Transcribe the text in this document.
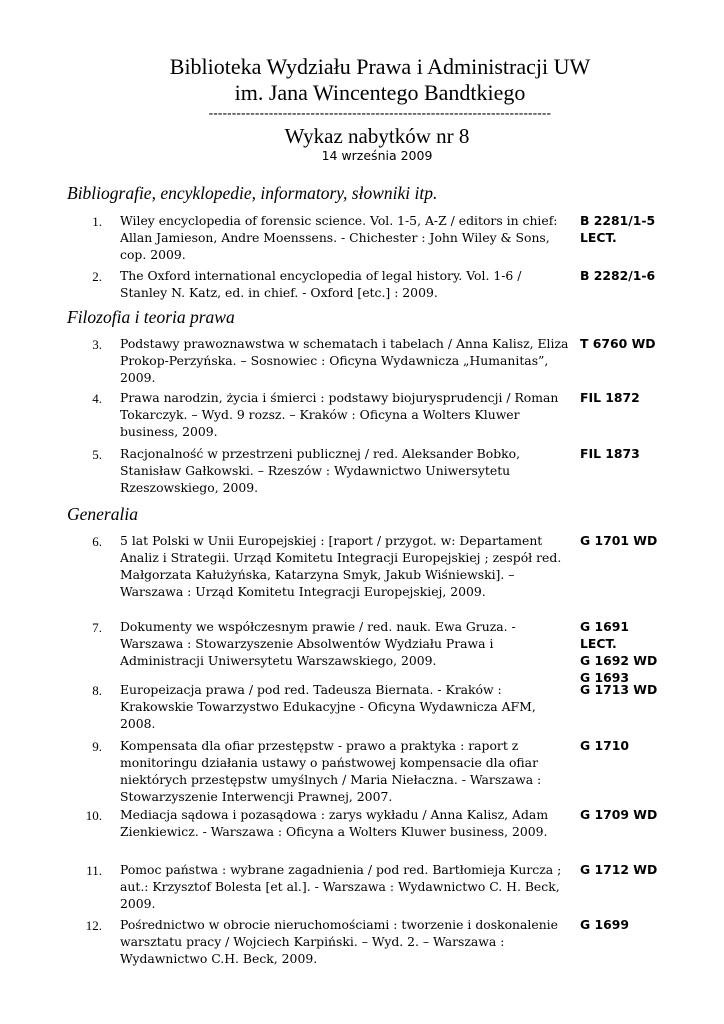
Biblioteka Wydziału Prawa i Administracji UW
im. Jana Wincentego Bandtkiego
--------------------------------------------------------------------------
Wykaz nabytków nr 8
14 września 2009
Bibliografie, encyklopedie, informatory, słowniki itp.
Filozofia i teoria prawa
Generalia
1. Wiley encyclopedia of forensic science. Vol. 1-5, A-Z / editors in chief: Allan Jamieson, Andre Moenssens. - Chichester : John Wiley & Sons, cop. 2009.
B 2281/1-5
LECT.
2. The Oxford international encyclopedia of legal history. Vol. 1-6 / Stanley N. Katz, ed. in chief. - Oxford [etc.] : 2009.
B 2282/1-6
3. Podstawy prawoznawstwa w schematach i tabelach / Anna Kalisz, Eliza Prokop-Perzyńska. – Sosnowiec : Oficyna Wydawnicza „Humanitas”, 2009.
T 6760 WD
4. Prawa narodzin, życia i śmierci : podstawy biojurysprudencji / Roman Tokarczyk. – Wyd. 9 rozsz. – Kraków : Oficyna a Wolters Kluwer business, 2009.
FIL 1872
5. Racjonalność w przestrzeni publicznej / red. Aleksander Bobko, Stanisław Gałkowski. – Rzeszów : Wydawnictwo Uniwersytetu Rzeszowskiego, 2009.
FIL 1873
6. 5 lat Polski w Unii Europejskiej : [raport / przygot. w: Departament Analiz i Strategii. Urząd Komitetu Integracji Europejskiej ; zespół red. Małgorzata Kałużyńska, Katarzyna Smyk, Jakub Wiśniewski]. –Warszawa : Urząd Komitetu Integracji Europejskiej, 2009.
G 1701 WD
7. Dokumenty we współczesnym prawie / red. nauk. Ewa Gruza. - Warszawa : Stowarzyszenie Absolwentów Wydziału Prawa i Administracji Uniwersytetu Warszawskiego, 2009.
G 1691
LECT.
G 1692 WD
G 1693
8. Europeizacja prawa / pod red. Tadeusza Biernata. - Kraków : Krakowskie Towarzystwo Edukacyjne - Oficyna Wydawnicza AFM, 2008.
G 1713 WD
9. Kompensata dla ofiar przestępstw - prawo a praktyka : raport z monitoringu działania ustawy o państwowej kompensacie dla ofiar niektórych przestępstw umyślnych / Maria Niełaczna. - Warszawa : Stowarzyszenie Interwencji Prawnej, 2007.
G 1710
10. Mediacja sądowa i pozasądowa : zarys wykładu / Anna Kalisz, Adam Zienkiewicz. - Warszawa : Oficyna a Wolters Kluwer business, 2009.
G 1709 WD
11. Pomoc państwa : wybrane zagadnienia / pod red. Bartłomieja Kurcza ; aut.: Krzysztof Bolesta [et al.]. - Warszawa : Wydawnictwo C. H. Beck, 2009.
G 1712 WD
12. Pośrednictwo w obrocie nieruchomościami : tworzenie i doskonalenie warsztatu pracy / Wojciech Karpiński. – Wyd. 2. – Warszawa : Wydawnictwo C.H. Beck, 2009.
G 1699
